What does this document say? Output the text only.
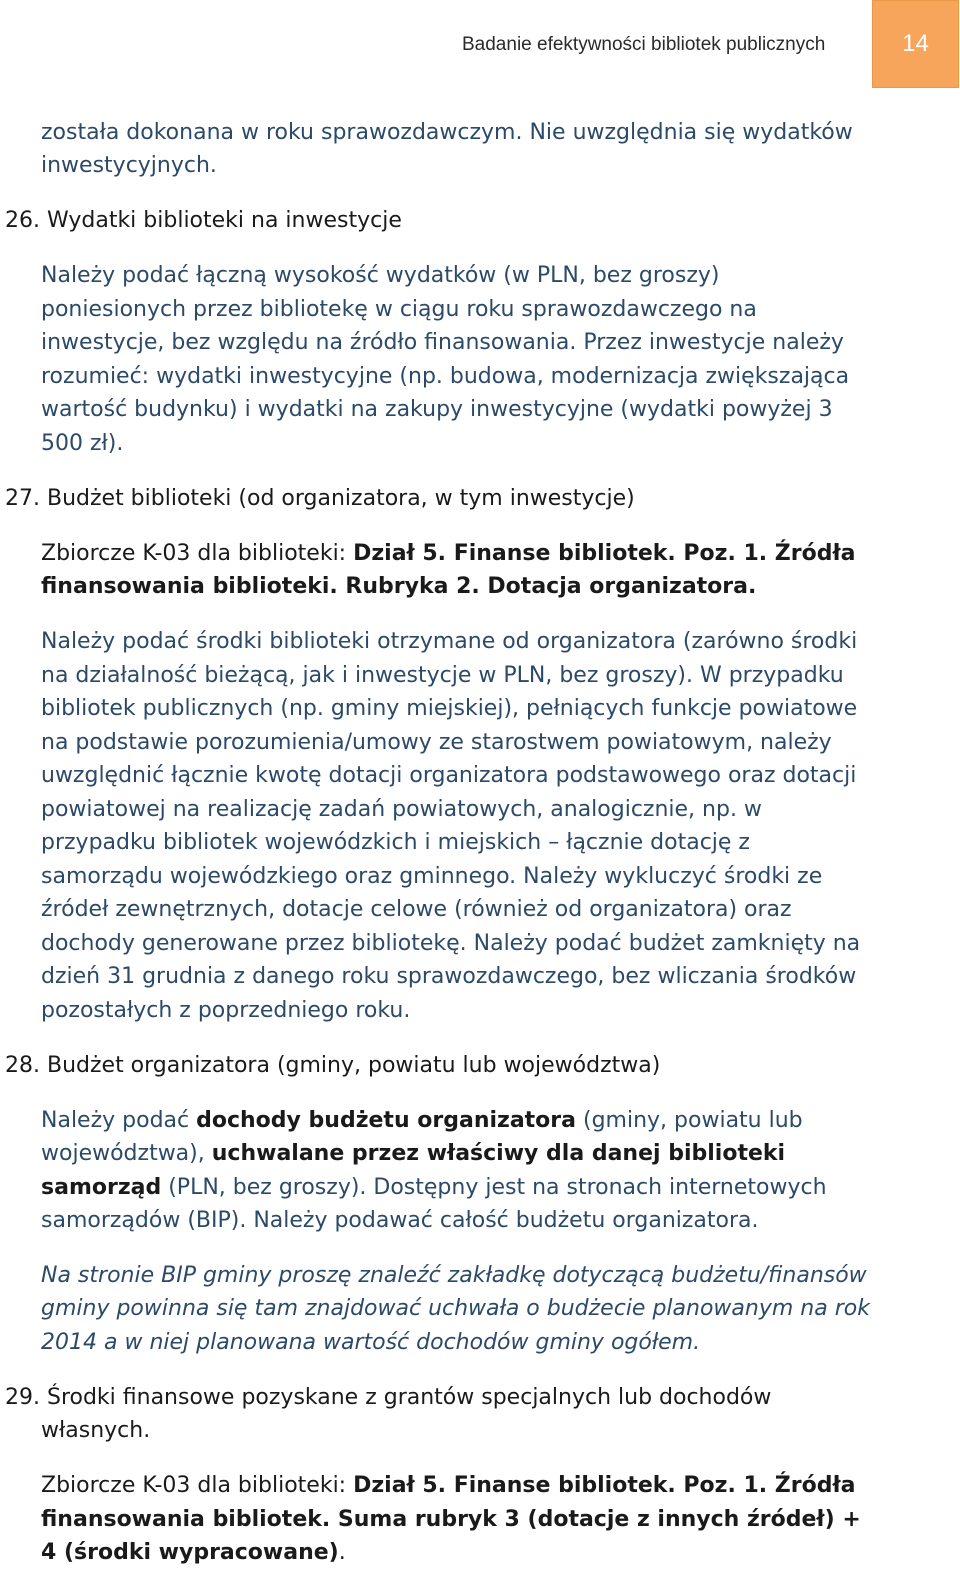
Badanie efektywności bibliotek publicznych	14

została dokonana w roku sprawozdawczym. Nie uwzględnia się wydatków

inwestycyjnych.

26. Wydatki biblioteki na inwestycje

Należy podać łączną wysokość wydatków (w PLN, bez groszy)

poniesionych przez bibliotekę w ciągu roku sprawozdawczego na

inwestycje, bez względu na źródło finansowania. Przez inwestycje należy

rozumieć: wydatki inwestycyjne (np. budowa, modernizacja zwiększająca

wartość budynku) i wydatki na zakupy inwestycyjne (wydatki powyżej 3

500 zł).

27. Budżet biblioteki (od organizatora, w tym inwestycje)

Zbiorcze K-03 dla biblioteki: Dział 5. Finanse bibliotek. Poz. 1. Źródła

finansowania biblioteki. Rubryka 2. Dotacja organizatora.

Należy podać środki biblioteki otrzymane od organizatora (zarówno środki

na działalność bieżącą, jak i inwestycje w PLN, bez groszy). W przypadku

bibliotek publicznych (np. gminy miejskiej), pełniących funkcje powiatowe

na podstawie porozumienia/umowy ze starostwem powiatowym, należy

uwzględnić łącznie kwotę dotacji organizatora podstawowego oraz dotacji

powiatowej na realizację zadań powiatowych, analogicznie, np. w

przypadku bibliotek wojewódzkich i miejskich – łącznie dotację z

samorządu wojewódzkiego oraz gminnego. Należy wykluczyć środki ze

źródeł zewnętrznych, dotacje celowe (również od organizatora) oraz

dochody generowane przez bibliotekę. Należy podać budżet zamknięty na

dzień 31 grudnia z danego roku sprawozdawczego, bez wliczania środków

pozostałych z poprzedniego roku.

28. Budżet organizatora (gminy, powiatu lub województwa)

Należy podać dochody budżetu organizatora (gminy, powiatu lub

województwa), uchwalane przez właściwy dla danej biblioteki

samorząd (PLN, bez groszy). Dostępny jest na stronach internetowych

samorządów (BIP). Należy podawać całość budżetu organizatora.

Na stronie BIP gminy proszę znaleźć zakładkę dotyczącą budżetu/finansów

gminy powinna się tam znajdować uchwała o budżecie planowanym na rok

2014 a w niej planowana wartość dochodów gminy ogółem.

29. Środki finansowe pozyskane z grantów specjalnych lub dochodów

własnych.

Zbiorcze K-03 dla biblioteki: Dział 5. Finanse bibliotek. Poz. 1. Źródła

finansowania bibliotek. Suma rubryk 3 (dotacje z innych źródeł) +

4 (środki wypracowane).
